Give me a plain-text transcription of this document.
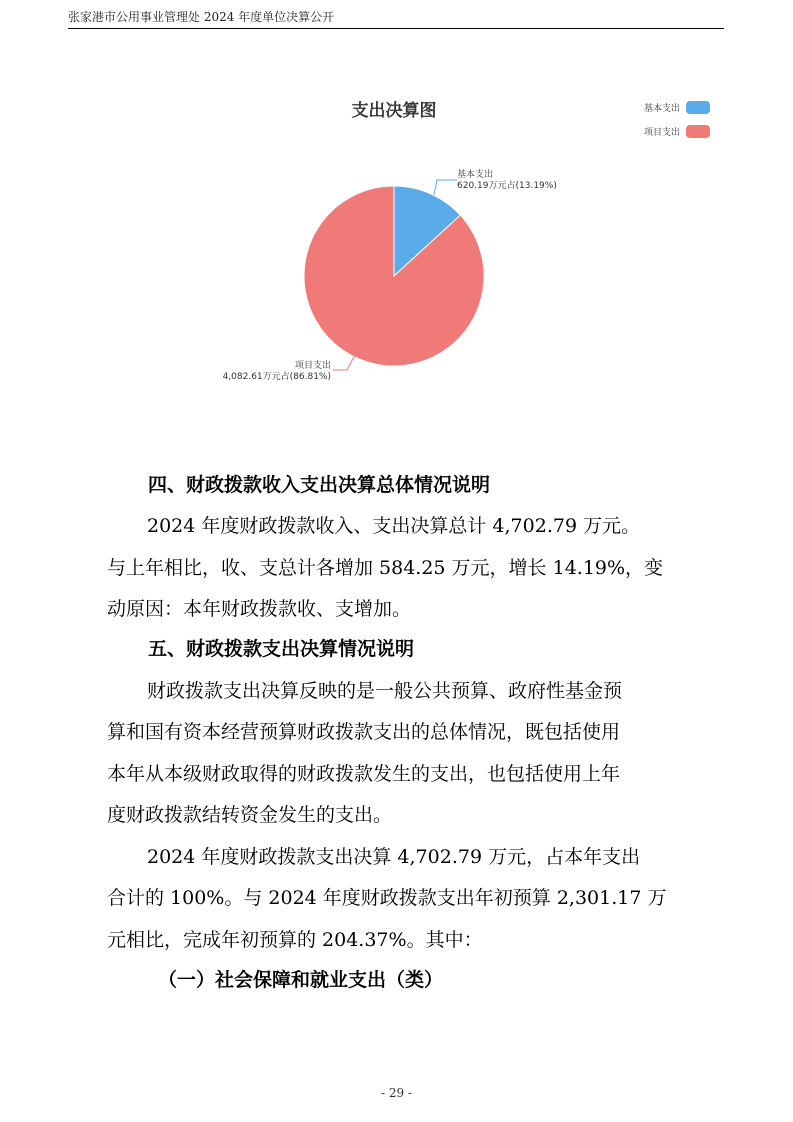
张家港市公用事业管理处 2024 年度单位决算公开
支出决算图	基本支出
项目支出
基本支出
620.19万元占(13.19%)
项目支出
4,082.61万元占(86.81%)
四、财政拨款收入支出决算总体情况说明
2024 年度财政拨款收入、支出决算总计 4,702.79 万元。
与上年相比，收、支总计各增加 584.25 万元，增长 14.19%，变
动原因：本年财政拨款收、支增加。
五、财政拨款支出决算情况说明
财政拨款支出决算反映的是一般公共预算、政府性基金预
算和国有资本经营预算财政拨款支出的总体情况，既包括使用
本年从本级财政取得的财政拨款发生的支出，也包括使用上年
度财政拨款结转资金发生的支出。
2024 年度财政拨款支出决算 4,702.79 万元，占本年支出
合计的 100%。与 2024 年度财政拨款支出年初预算 2,301.17 万
元相比，完成年初预算的 204.37%。其中：
（一）社会保障和就业支出（类）
- 29 -
